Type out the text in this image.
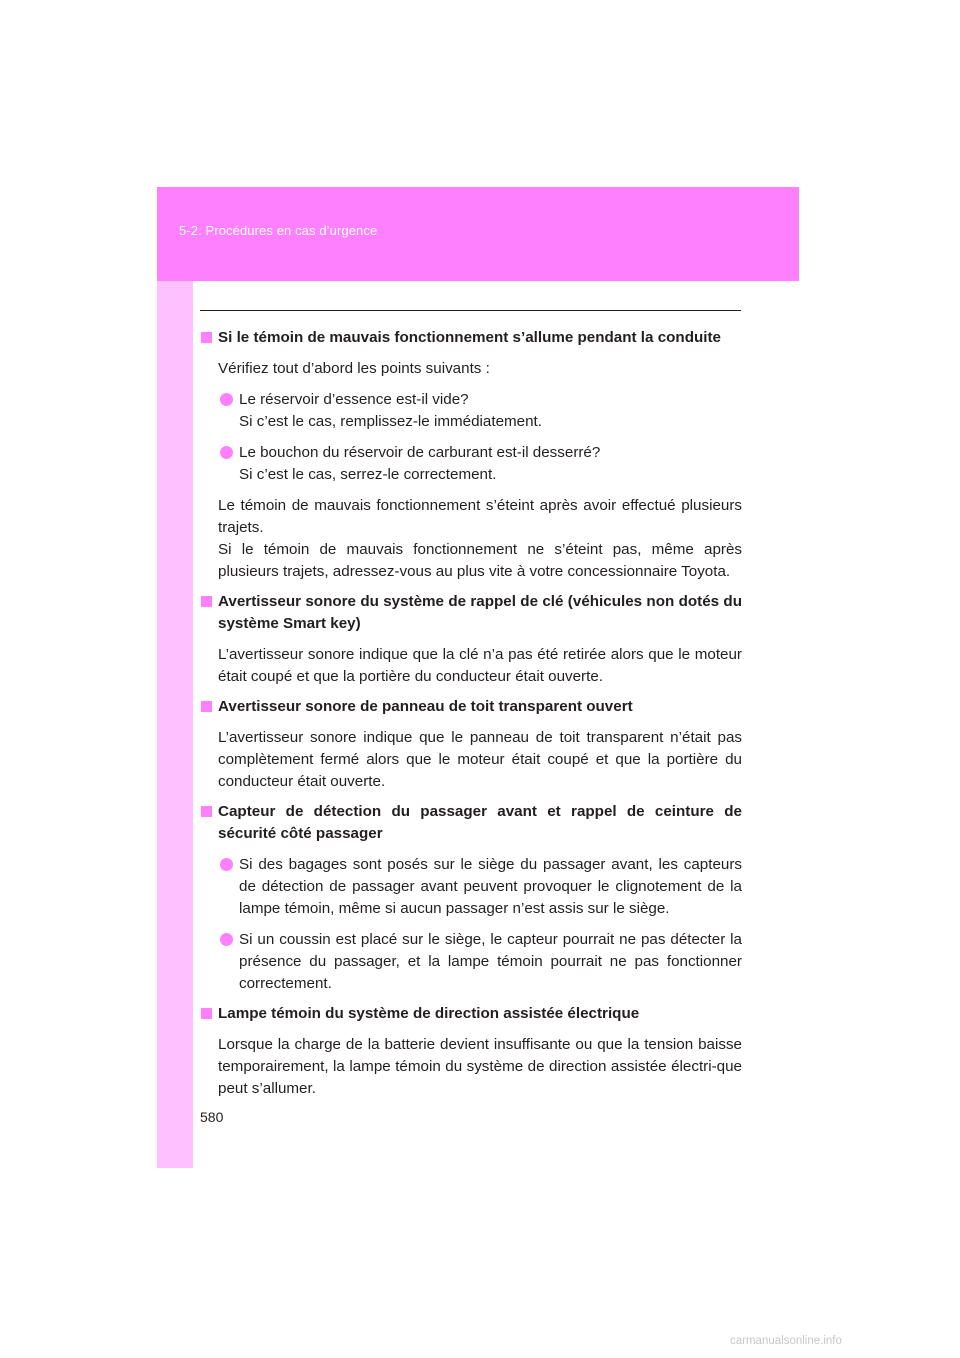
5-2. Procédures en cas d’urgence
Si le témoin de mauvais fonctionnement s’allume pendant la conduite
Vérifiez tout d’abord les points suivants :
Le réservoir d’essence est-il vide?
Si c’est le cas, remplissez-le immédiatement.
Le bouchon du réservoir de carburant est-il desserré?
Si c’est le cas, serrez-le correctement.
Le témoin de mauvais fonctionnement s’éteint après avoir effectué plusieurs trajets.
Si le témoin de mauvais fonctionnement ne s’éteint pas, même après plusieurs trajets, adressez-vous au plus vite à votre concessionnaire Toyota.
Avertisseur sonore du système de rappel de clé (véhicules non dotés du système Smart key)
L’avertisseur sonore indique que la clé n’a pas été retirée alors que le moteur était coupé et que la portière du conducteur était ouverte.
Avertisseur sonore de panneau de toit transparent ouvert
L’avertisseur sonore indique que le panneau de toit transparent n’était pas complètement fermé alors que le moteur était coupé et que la portière du conducteur était ouverte.
Capteur de détection du passager avant et rappel de ceinture de sécurité côté passager
Si des bagages sont posés sur le siège du passager avant, les capteurs de détection de passager avant peuvent provoquer le clignotement de la lampe témoin, même si aucun passager n’est assis sur le siège.
Si un coussin est placé sur le siège, le capteur pourrait ne pas détecter la présence du passager, et la lampe témoin pourrait ne pas fonctionner correctement.
Lampe témoin du système de direction assistée électrique
Lorsque la charge de la batterie devient insuffisante ou que la tension baisse temporairement, la lampe témoin du système de direction assistée électri-que peut s’allumer.
580
carmanualsonline.info
